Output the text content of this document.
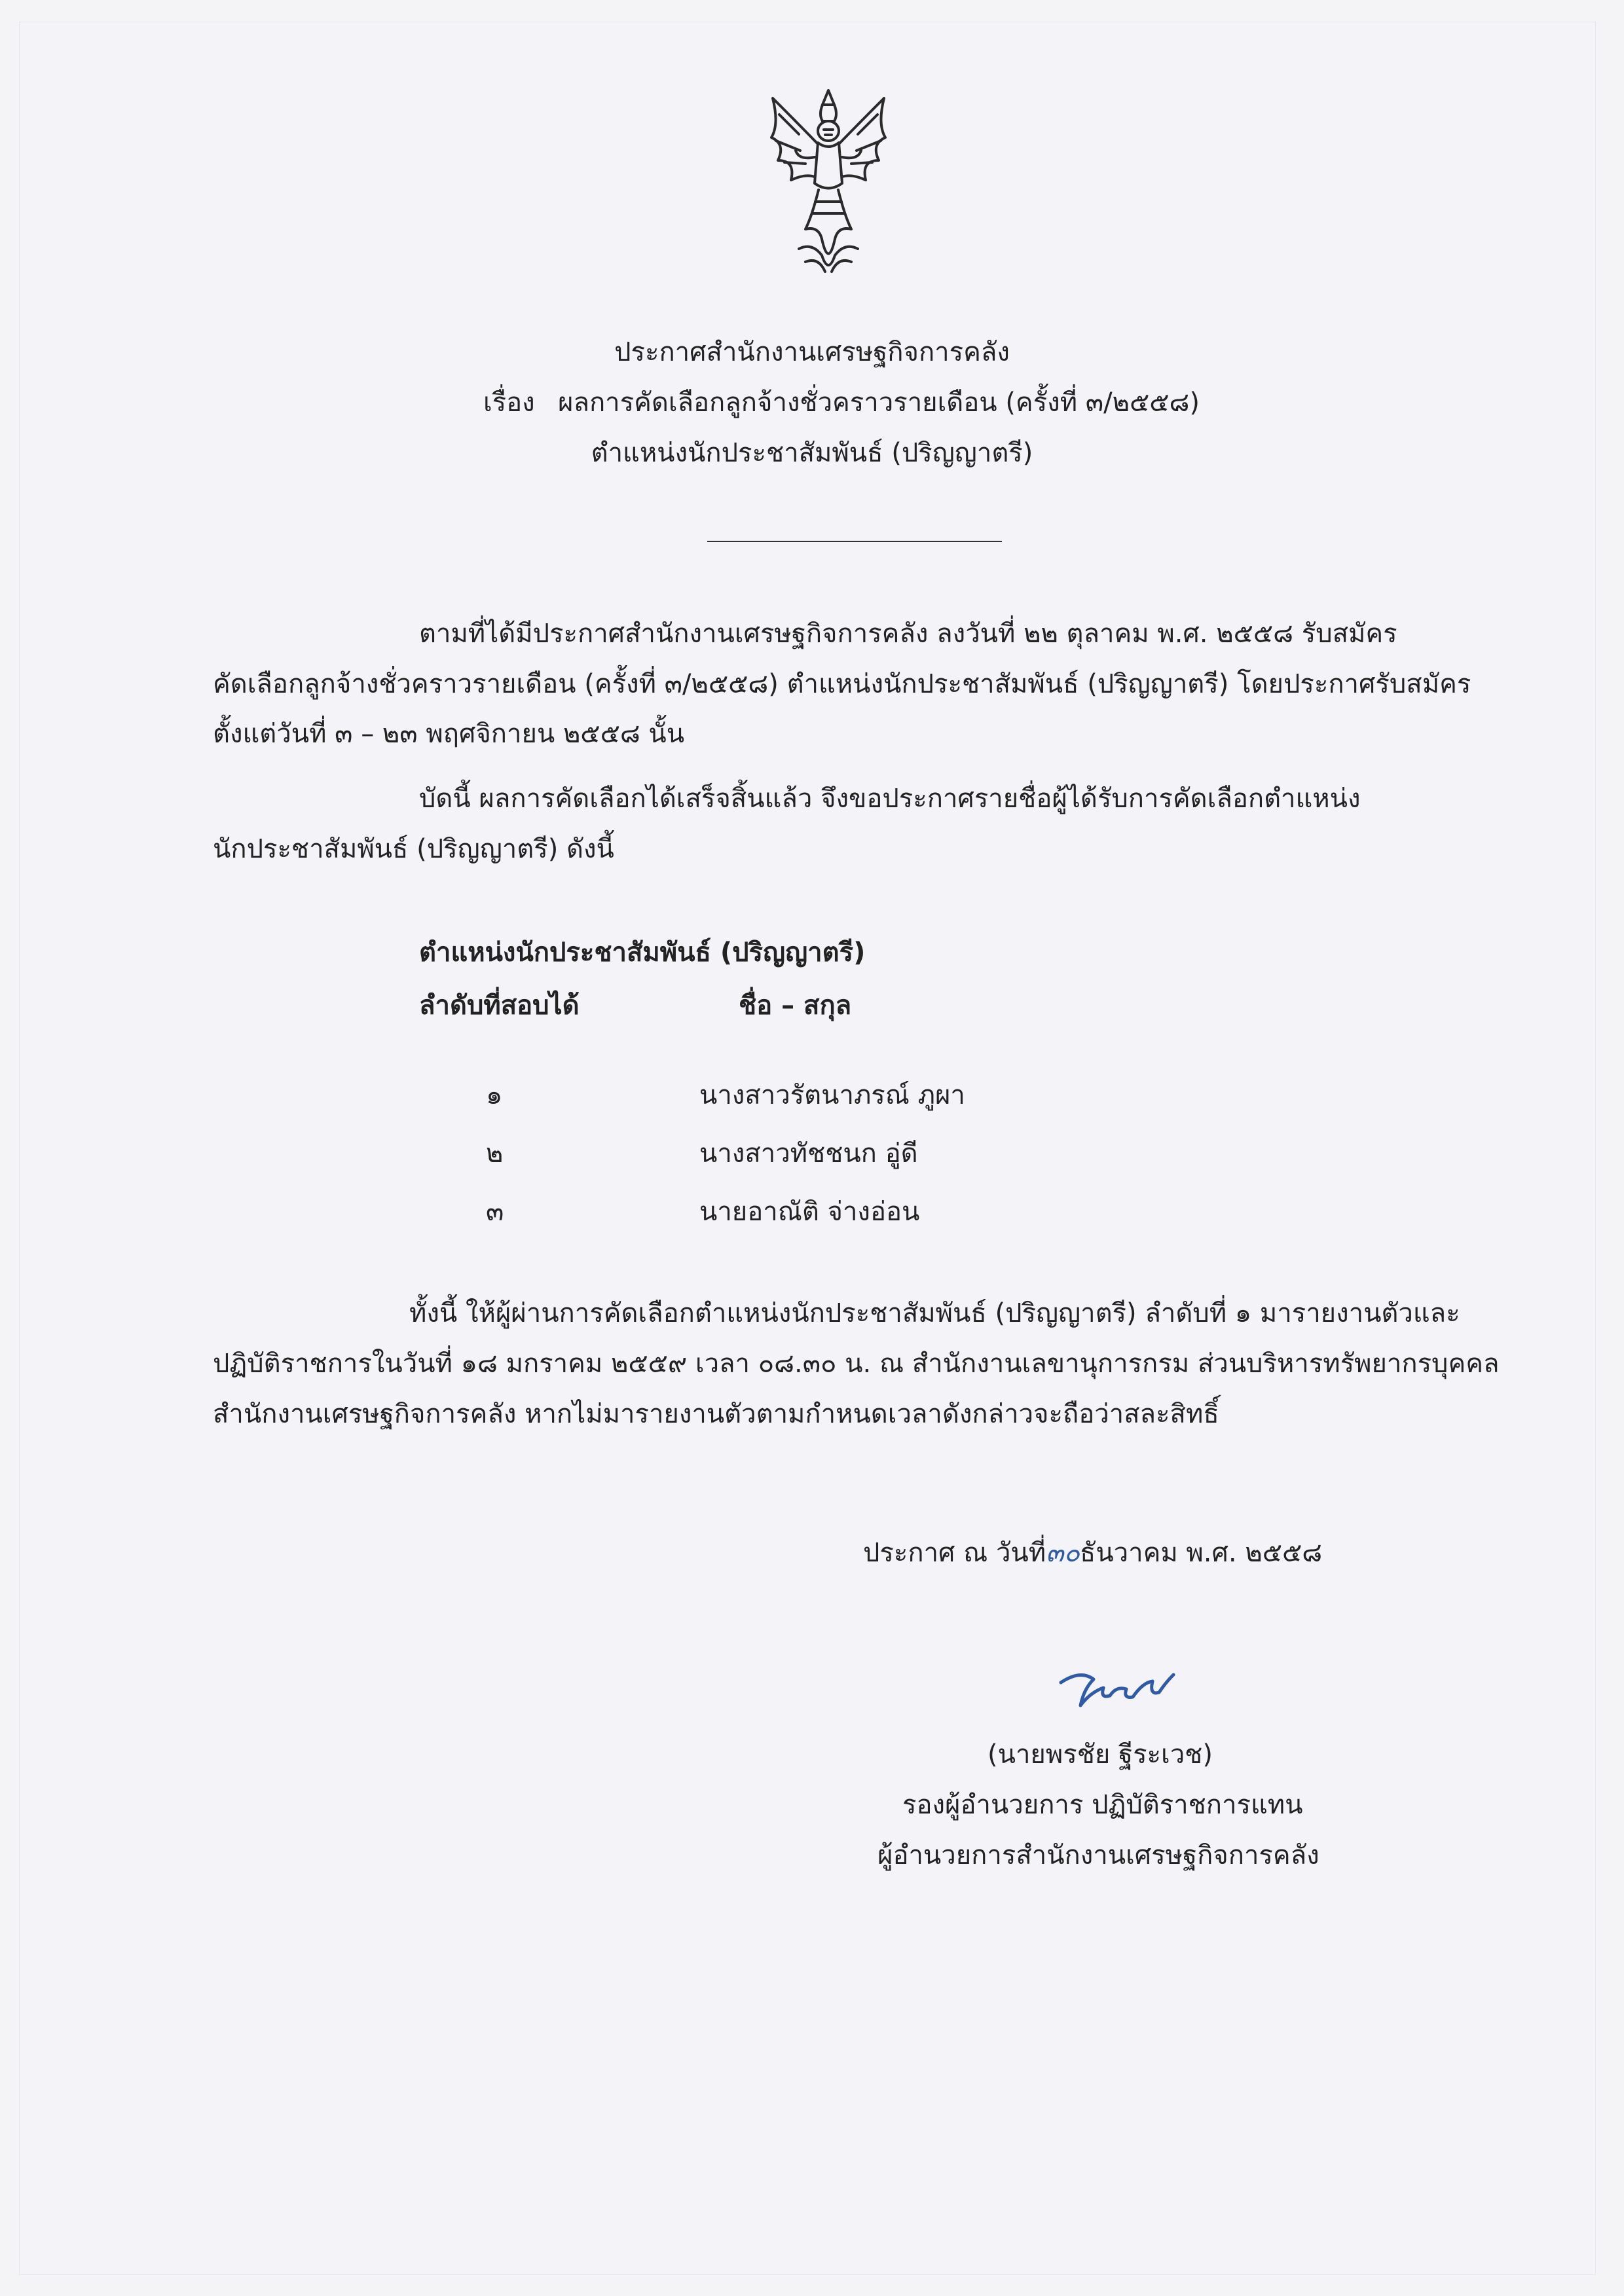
ประกาศสำนักงานเศรษฐกิจการคลัง
เรื่อง ผลการคัดเลือกลูกจ้างชั่วคราวรายเดือน (ครั้งที่ ๓/๒๕๕๘)
ตำแหน่งนักประชาสัมพันธ์ (ปริญญาตรี)
ตามที่ได้มีประกาศสำนักงานเศรษฐกิจการคลัง ลงวันที่ ๒๒ ตุลาคม พ.ศ. ๒๕๕๘ รับสมัคร
คัดเลือกลูกจ้างชั่วคราวรายเดือน (ครั้งที่ ๓/๒๕๕๘) ตำแหน่งนักประชาสัมพันธ์ (ปริญญาตรี) โดยประกาศรับสมัคร
ตั้งแต่วันที่ ๓ – ๒๓ พฤศจิกายน ๒๕๕๘ นั้น
บัดนี้ ผลการคัดเลือกได้เสร็จสิ้นแล้ว จึงขอประกาศรายชื่อผู้ได้รับการคัดเลือกตำแหน่ง
นักประชาสัมพันธ์ (ปริญญาตรี) ดังนี้
ตำแหน่งนักประชาสัมพันธ์ (ปริญญาตรี)
ลำดับที่สอบได้	ชื่อ – สกุล
๑	นางสาวรัตนาภรณ์ ภูผา
๒	นางสาวทัชชนก อู่ดี
๓	นายอาณัติ จ่างอ่อน
ทั้งนี้ ให้ผู้ผ่านการคัดเลือกตำแหน่งนักประชาสัมพันธ์ (ปริญญาตรี) ลำดับที่ ๑ มารายงานตัวและ
ปฏิบัติราชการในวันที่ ๑๘ มกราคม ๒๕๕๙ เวลา ๐๘.๓๐ น. ณ สำนักงานเลขานุการกรม ส่วนบริหารทรัพยากรบุคคล
สำนักงานเศรษฐกิจการคลัง หากไม่มารายงานตัวตามกำหนดเวลาดังกล่าวจะถือว่าสละสิทธิ์
ประกาศ ณ วันที่๓๐ธันวาคม พ.ศ. ๒๕๕๘
(นายพรชัย ฐีระเวช)
รองผู้อำนวยการ ปฏิบัติราชการแทน
ผู้อำนวยการสำนักงานเศรษฐกิจการคลัง
